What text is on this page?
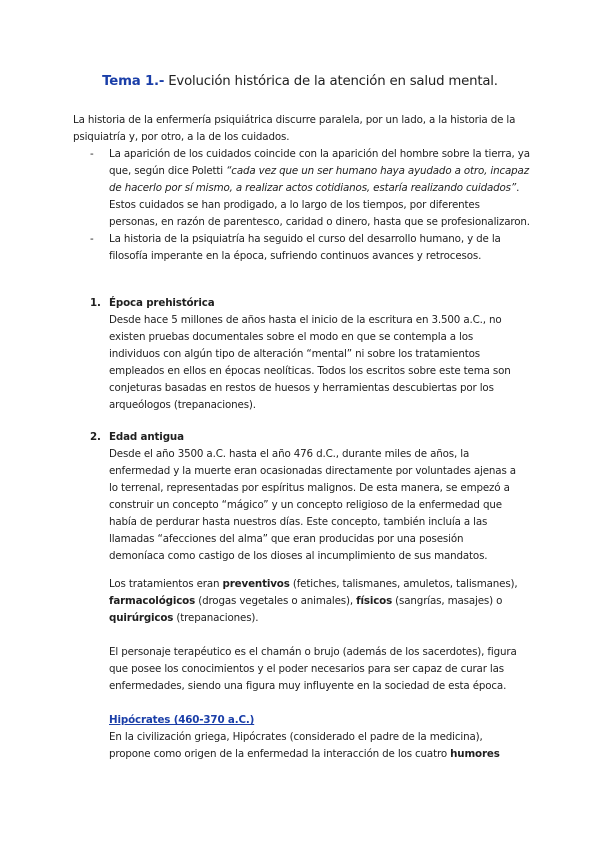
Tema 1.- Evolución histórica de la atención en salud mental.
La historia de la enfermería psiquiátrica discurre paralela, por un lado, a la historia de la psiquiatría y, por otro, a la de los cuidados.
- La aparición de los cuidados coincide con la aparición del hombre sobre la tierra, ya que, según dice Poletti “cada vez que un ser humano haya ayudado a otro, incapaz de hacerlo por sí mismo, a realizar actos cotidianos, estaría realizando cuidados”. Estos cuidados se han prodigado, a lo largo de los tiempos, por diferentes personas, en razón de parentesco, caridad o dinero, hasta que se profesionalizaron.
- La historia de la psiquiatría ha seguido el curso del desarrollo humano, y de la filosofía imperante en la época, sufriendo continuos avances y retrocesos.
1. Época prehistórica
Desde hace 5 millones de años hasta el inicio de la escritura en 3.500 a.C., no existen pruebas documentales sobre el modo en que se contempla a los individuos con algún tipo de alteración “mental” ni sobre los tratamientos empleados en ellos en épocas neolíticas. Todos los escritos sobre este tema son conjeturas basadas en restos de huesos y herramientas descubiertas por los arqueólogos (trepanaciones).
2. Edad antigua
Desde el año 3500 a.C. hasta el año 476 d.C., durante miles de años, la enfermedad y la muerte eran ocasionadas directamente por voluntades ajenas a lo terrenal, representadas por espíritus malignos. De esta manera, se empezó a construir un concepto “mágico” y un concepto religioso de la enfermedad que había de perdurar hasta nuestros días. Este concepto, también incluía a las llamadas “afecciones del alma” que eran producidas por una posesión demoníaca como castigo de los dioses al incumplimiento de sus mandatos.
Los tratamientos eran preventivos (fetiches, talismanes, amuletos, talismanes), farmacológicos (drogas vegetales o animales), físicos (sangrías, masajes) o quirúrgicos (trepanaciones).
El personaje terapéutico es el chamán o brujo (además de los sacerdotes), figura que posee los conocimientos y el poder necesarios para ser capaz de curar las enfermedades, siendo una figura muy influyente en la sociedad de esta época.
Hipócrates (460-370 a.C.)
En la civilización griega, Hipócrates (considerado el padre de la medicina), propone como origen de la enfermedad la interacción de los cuatro humores
